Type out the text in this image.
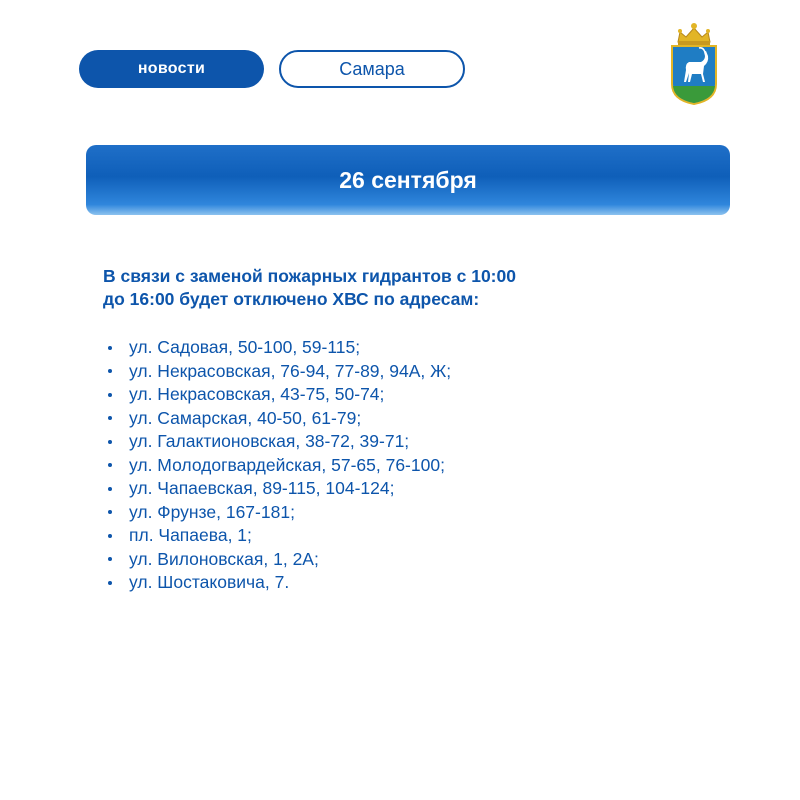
новости	Самара
26 сентября

В связи с заменой пожарных гидрантов с 10:00
до 16:00 будет отключено ХВС по адресам:

ул. Садовая, 50-100, 59-115;
ул. Некрасовская, 76-94, 77-89, 94А, Ж;
ул. Некрасовская, 43-75, 50-74;
ул. Самарская, 40-50, 61-79;
ул. Галактионовская, 38-72, 39-71;
ул. Молодогвардейская, 57-65, 76-100;
ул. Чапаевская, 89-115, 104-124;
ул. Фрунзе, 167-181;
пл. Чапаева, 1;
ул. Вилоновская, 1, 2А;
ул. Шостаковича, 7.
